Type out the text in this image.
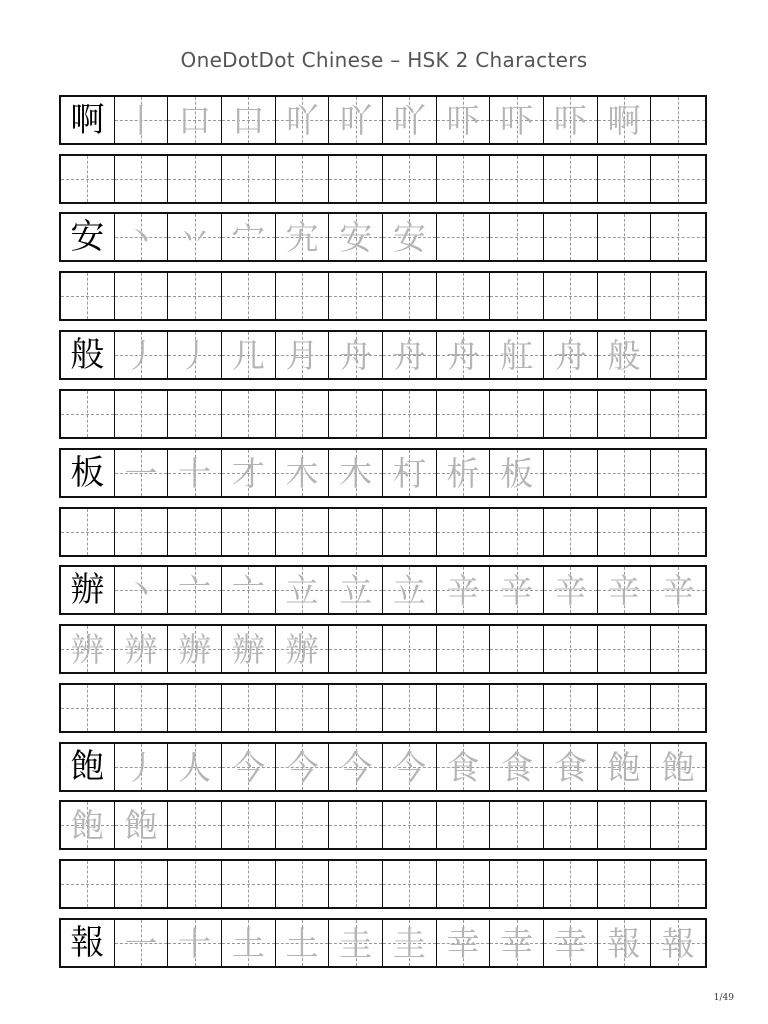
OneDotDot Chinese – HSK 2 Characters
啊 丨 口 口 吖 吖 吖 吓 吓 吓 啊
安 丶 丷 宀 宄 安 安
般 丿 丿 几 月 舟 舟 舟 舡 舟 般
板 一 十 才 木 木 朾 析 板
辦 丶 亠 亠 立 立 立 辛 辛 辛 辛 辛
辨 辨 辦 辦 辦
飽 丿 人 今 今 今 今 食 食 食 飽 飽
飽 飽
報 一 十 土 土 圭 圭 幸 幸 幸 報 報
1/49
